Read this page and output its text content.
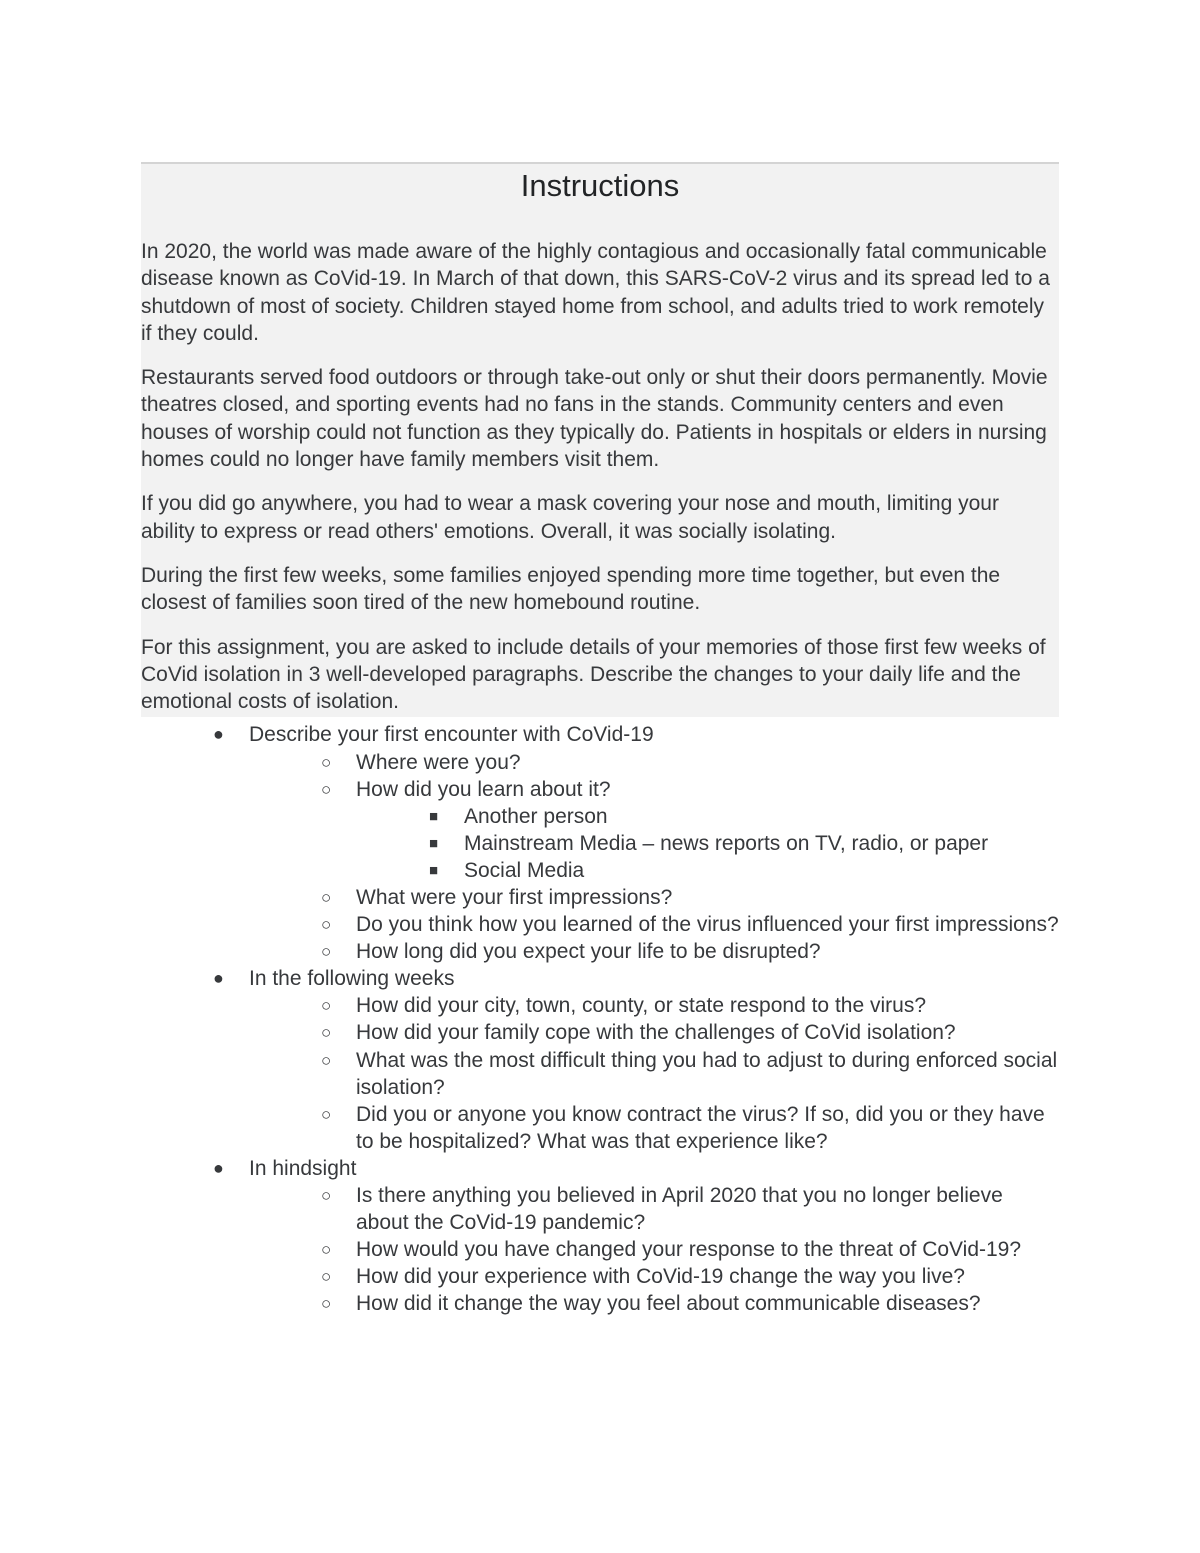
Instructions

In 2020, the world was made aware of the highly contagious and occasionally fatal communicable disease known as CoVid-19. In March of that down, this SARS-CoV-2 virus and its spread led to a shutdown of most of society. Children stayed home from school, and adults tried to work remotely if they could.

Restaurants served food outdoors or through take-out only or shut their doors permanently. Movie theatres closed, and sporting events had no fans in the stands. Community centers and even houses of worship could not function as they typically do. Patients in hospitals or elders in nursing homes could no longer have family members visit them.

If you did go anywhere, you had to wear a mask covering your nose and mouth, limiting your ability to express or read others' emotions. Overall, it was socially isolating.

During the first few weeks, some families enjoyed spending more time together, but even the closest of families soon tired of the new homebound routine.

For this assignment, you are asked to include details of your memories of those first few weeks of CoVid isolation in 3 well-developed paragraphs. Describe the changes to your daily life and the emotional costs of isolation.

● Describe your first encounter with CoVid-19
○ Where were you?
○ How did you learn about it?
■ Another person
■ Mainstream Media – news reports on TV, radio, or paper
■ Social Media
○ What were your first impressions?
○ Do you think how you learned of the virus influenced your first impressions?
○ How long did you expect your life to be disrupted?
● In the following weeks
○ How did your city, town, county, or state respond to the virus?
○ How did your family cope with the challenges of CoVid isolation?
○ What was the most difficult thing you had to adjust to during enforced social isolation?
○ Did you or anyone you know contract the virus? If so, did you or they have to be hospitalized? What was that experience like?
● In hindsight
○ Is there anything you believed in April 2020 that you no longer believe about the CoVid-19 pandemic?
○ How would you have changed your response to the threat of CoVid-19?
○ How did your experience with CoVid-19 change the way you live?
○ How did it change the way you feel about communicable diseases?
